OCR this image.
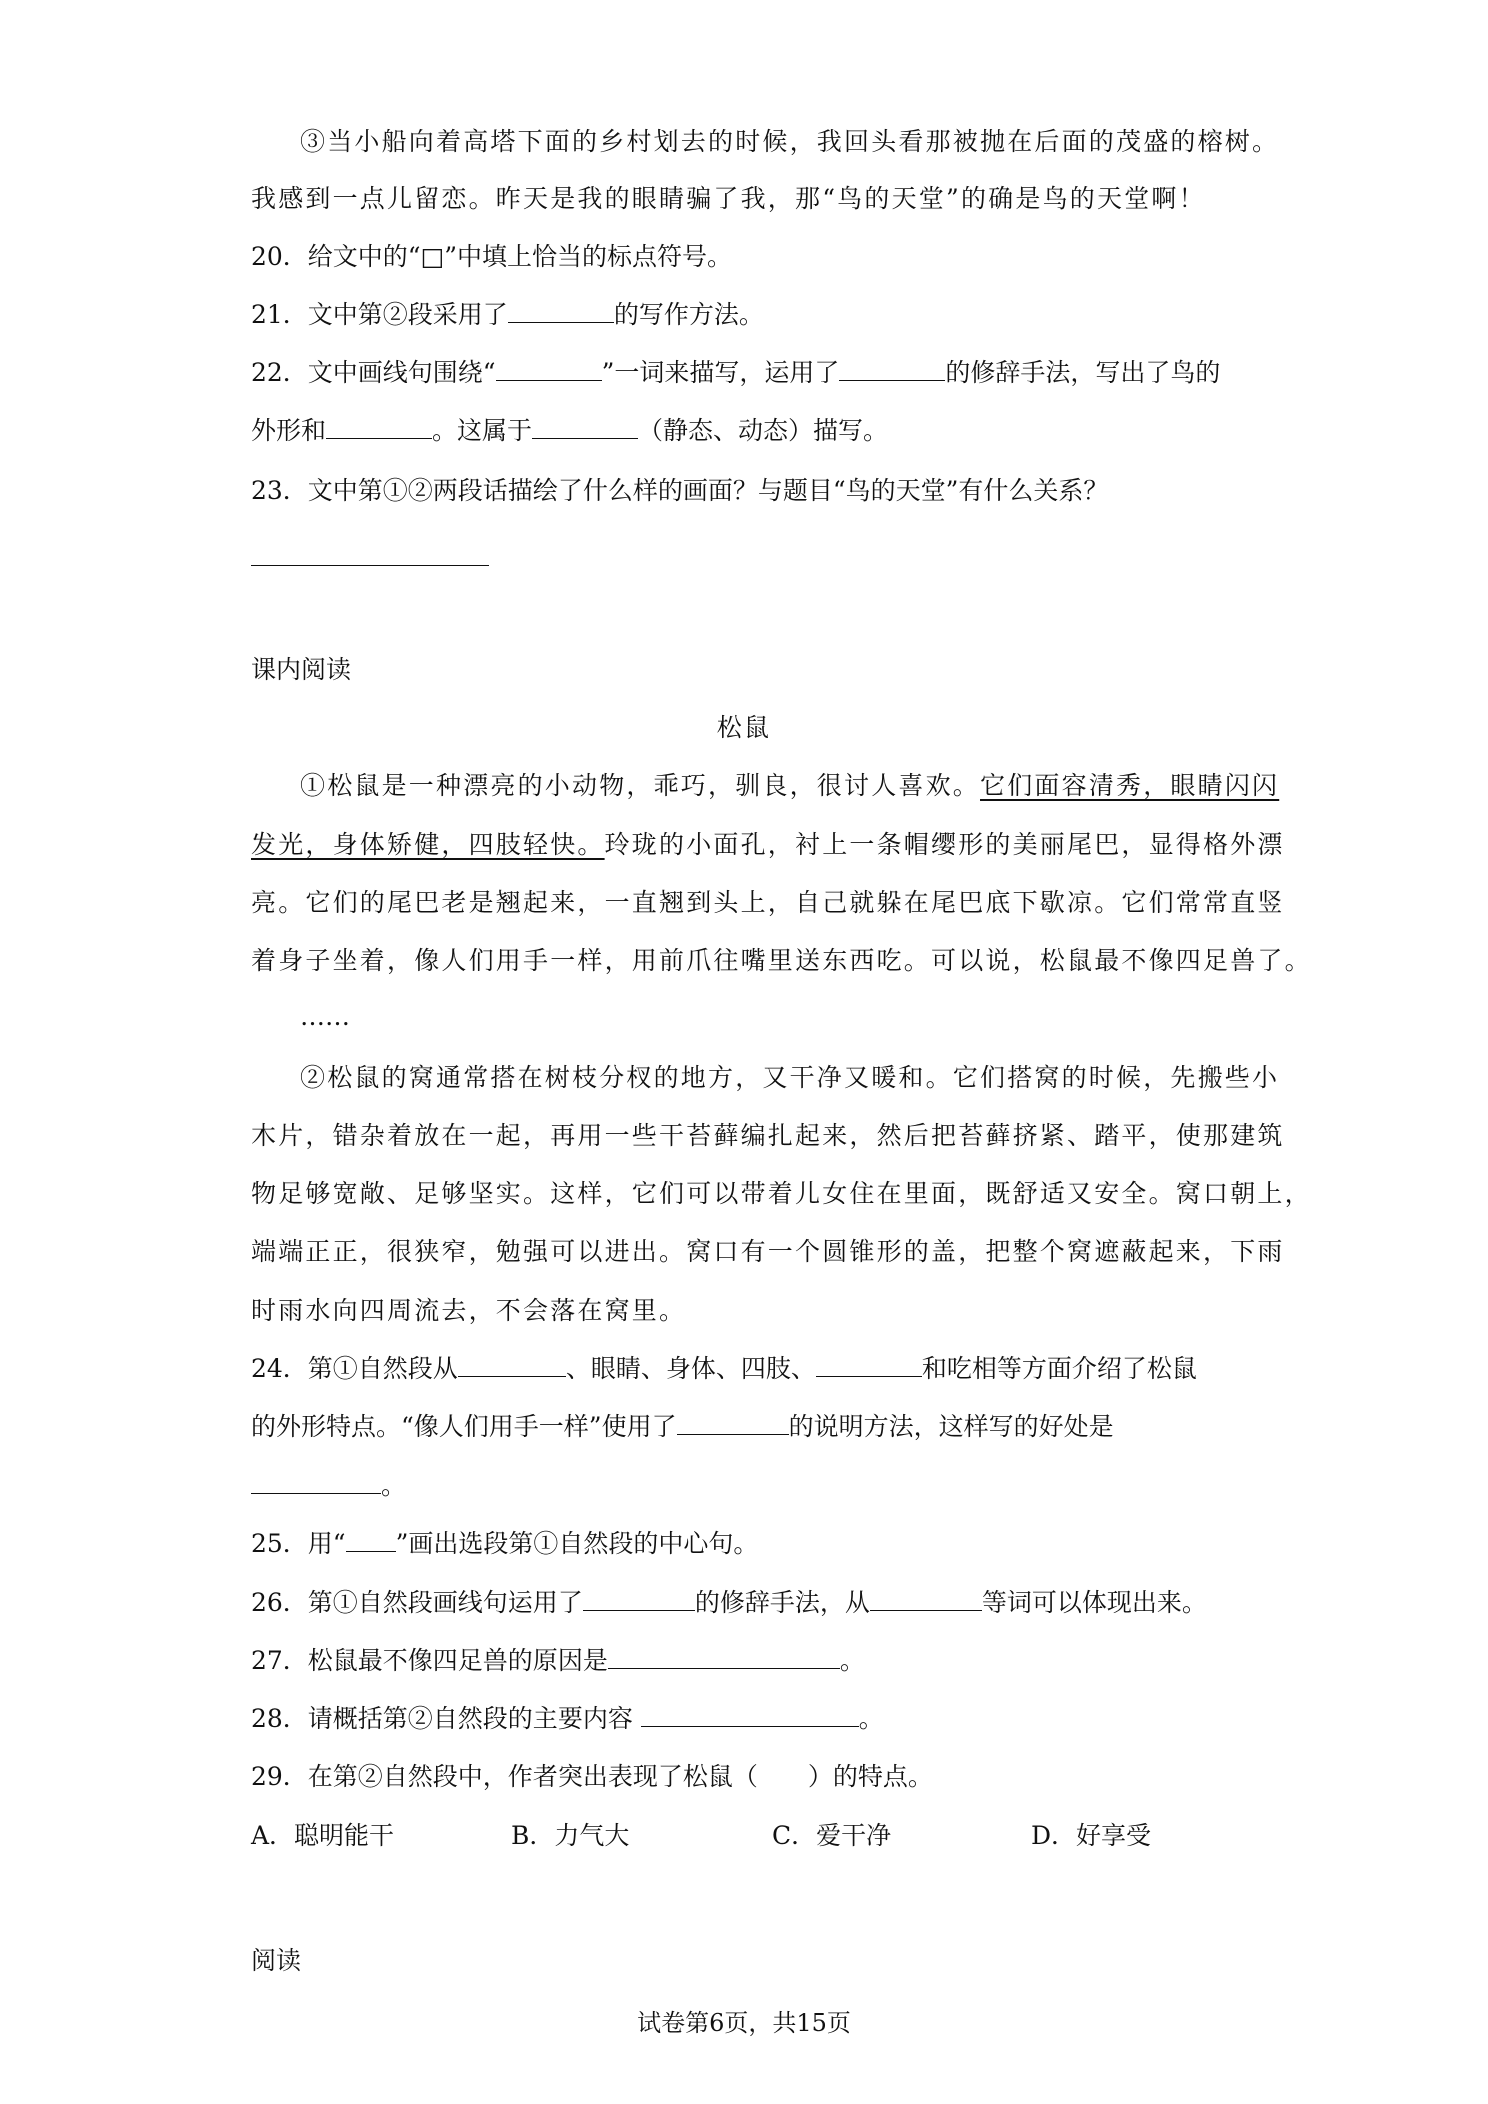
③当小船向着高塔下面的乡村划去的时候，我回头看那被抛在后面的茂盛的榕树。
我感到一点儿留恋。昨天是我的眼睛骗了我，那“鸟的天堂”的确是鸟的天堂啊！
20．给文中的“□”中填上恰当的标点符号。
21．文中第②段采用了	的写作方法。
22．文中画线句围绕“	”一词来描写，运用了	的修辞手法，写出了鸟的
外形和	。这属于	（静态、动态）描写。
23．文中第①②两段话描绘了什么样的画面？与题目“鸟的天堂”有什么关系？
课内阅读
松鼠
①松鼠是一种漂亮的小动物，乖巧，驯良，很讨人喜欢。它们面容清秀，眼睛闪闪
发光，身体矫健，四肢轻快。玲珑的小面孔，衬上一条帽缨形的美丽尾巴，显得格外漂
亮。它们的尾巴老是翘起来，一直翘到头上，自己就躲在尾巴底下歇凉。它们常常直竖
着身子坐着，像人们用手一样，用前爪往嘴里送东西吃。可以说，松鼠最不像四足兽了。
……
②松鼠的窝通常搭在树枝分杈的地方，又干净又暖和。它们搭窝的时候，先搬些小
木片，错杂着放在一起，再用一些干苔藓编扎起来，然后把苔藓挤紧、踏平，使那建筑
物足够宽敞、足够坚实。这样，它们可以带着儿女住在里面，既舒适又安全。窝口朝上，
端端正正，很狭窄，勉强可以进出。窝口有一个圆锥形的盖，把整个窝遮蔽起来，下雨
时雨水向四周流去，不会落在窝里。
24．第①自然段从	、眼睛、身体、四肢、	和吃相等方面介绍了松鼠
的外形特点。“像人们用手一样”使用了	的说明方法，这样写的好处是
。
25．用“ ”画出选段第①自然段的中心句。
26．第①自然段画线句运用了	的修辞手法，从	等词可以体现出来。
27．松鼠最不像四足兽的原因是	。
28．请概括第②自然段的主要内容	。
29．在第②自然段中，作者突出表现了松鼠（　　）的特点。
A．聪明能干	B．力气大	C．爱干净	D．好享受
阅读
试卷第6页，共15页
